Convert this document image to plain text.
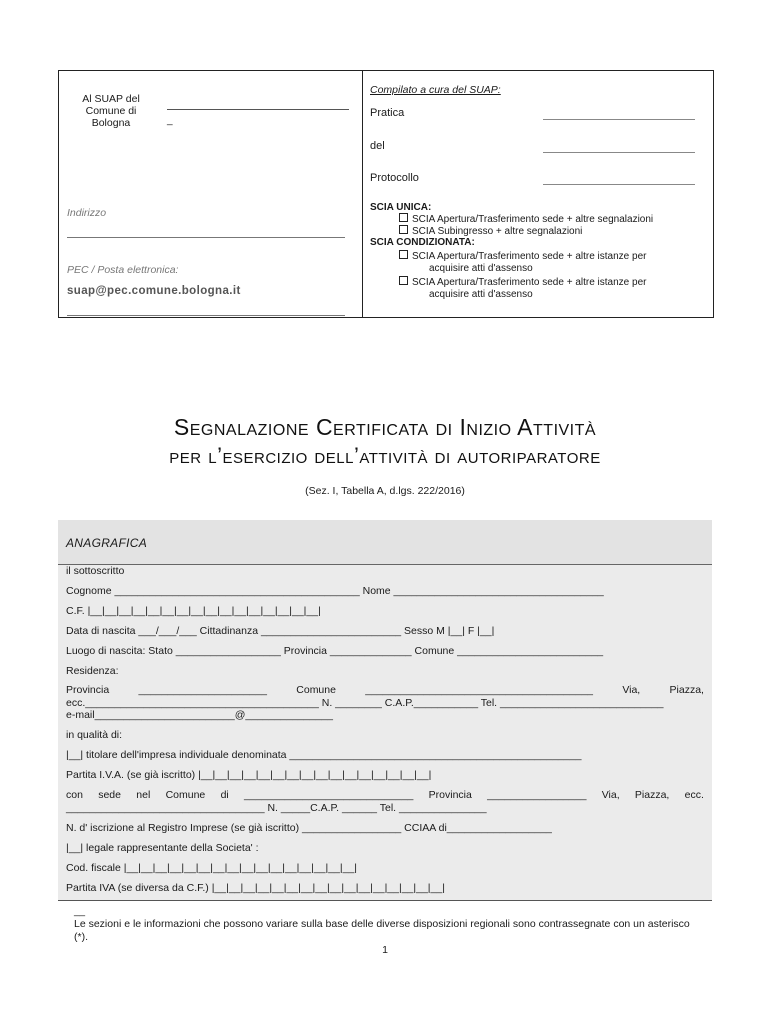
Al SUAP del
Comune di
Bologna	_
Indirizzo
PEC / Posta elettronica:
suap@pec.comune.bologna.it
Compilato a cura del SUAP:
Pratica
del
Protocollo
SCIA UNICA:
SCIA Apertura/Trasferimento sede + altre segnalazioni
SCIA Subingresso + altre segnalazioni
SCIA CONDIZIONATA:
SCIA Apertura/Trasferimento sede + altre istanze per
acquisire atti d'assenso
SCIA Apertura/Trasferimento sede + altre istanze per
acquisire atti d'assenso
Segnalazione Certificata di Inizio Attività
per l’esercizio dell’attività di autoriparatore
(Sez. I, Tabella A, d.lgs. 222/2016)
ANAGRAFICA
il sottoscritto
Cognome __________________________________________ Nome ____________________________________
C.F. |__|__|__|__|__|__|__|__|__|__|__|__|__|__|__|__|
Data di nascita ___/___/___ Cittadinanza ________________________ Sesso M |__| F |__|
Luogo di nascita: Stato __________________ Provincia ______________ Comune _________________________
Residenza:
Provincia	______________________	Comune	_______________________________________	Via,	Piazza,
ecc.________________________________________ N. ________ C.A.P.___________ Tel. ____________________________
e-mail________________________@_______________
in qualità di:
|__| titolare dell'impresa individuale denominata __________________________________________________
Partita I.V.A. (se già iscritto) |__|__|__|__|__|__|__|__|__|__|__|__|__|__|__|__|
con sede nel Comune di _____________________________ Provincia _________________ Via, Piazza, ecc.
__________________________________ N. _____C.A.P. ______ Tel. _______________
N. d' iscrizione al Registro Imprese (se già iscritto) _________________ CCIAA di__________________
|__| legale rappresentante della Societa' :
Cod. fiscale |__|__|__|__|__|__|__|__|__|__|__|__|__|__|__|__|
Partita IVA (se diversa da C.F.) |__|__|__|__|__|__|__|__|__|__|__|__|__|__|__|__|
__
Le sezioni e le informazioni che possono variare sulla base delle diverse disposizioni regionali sono contrassegnate con un asterisco (*).
1
